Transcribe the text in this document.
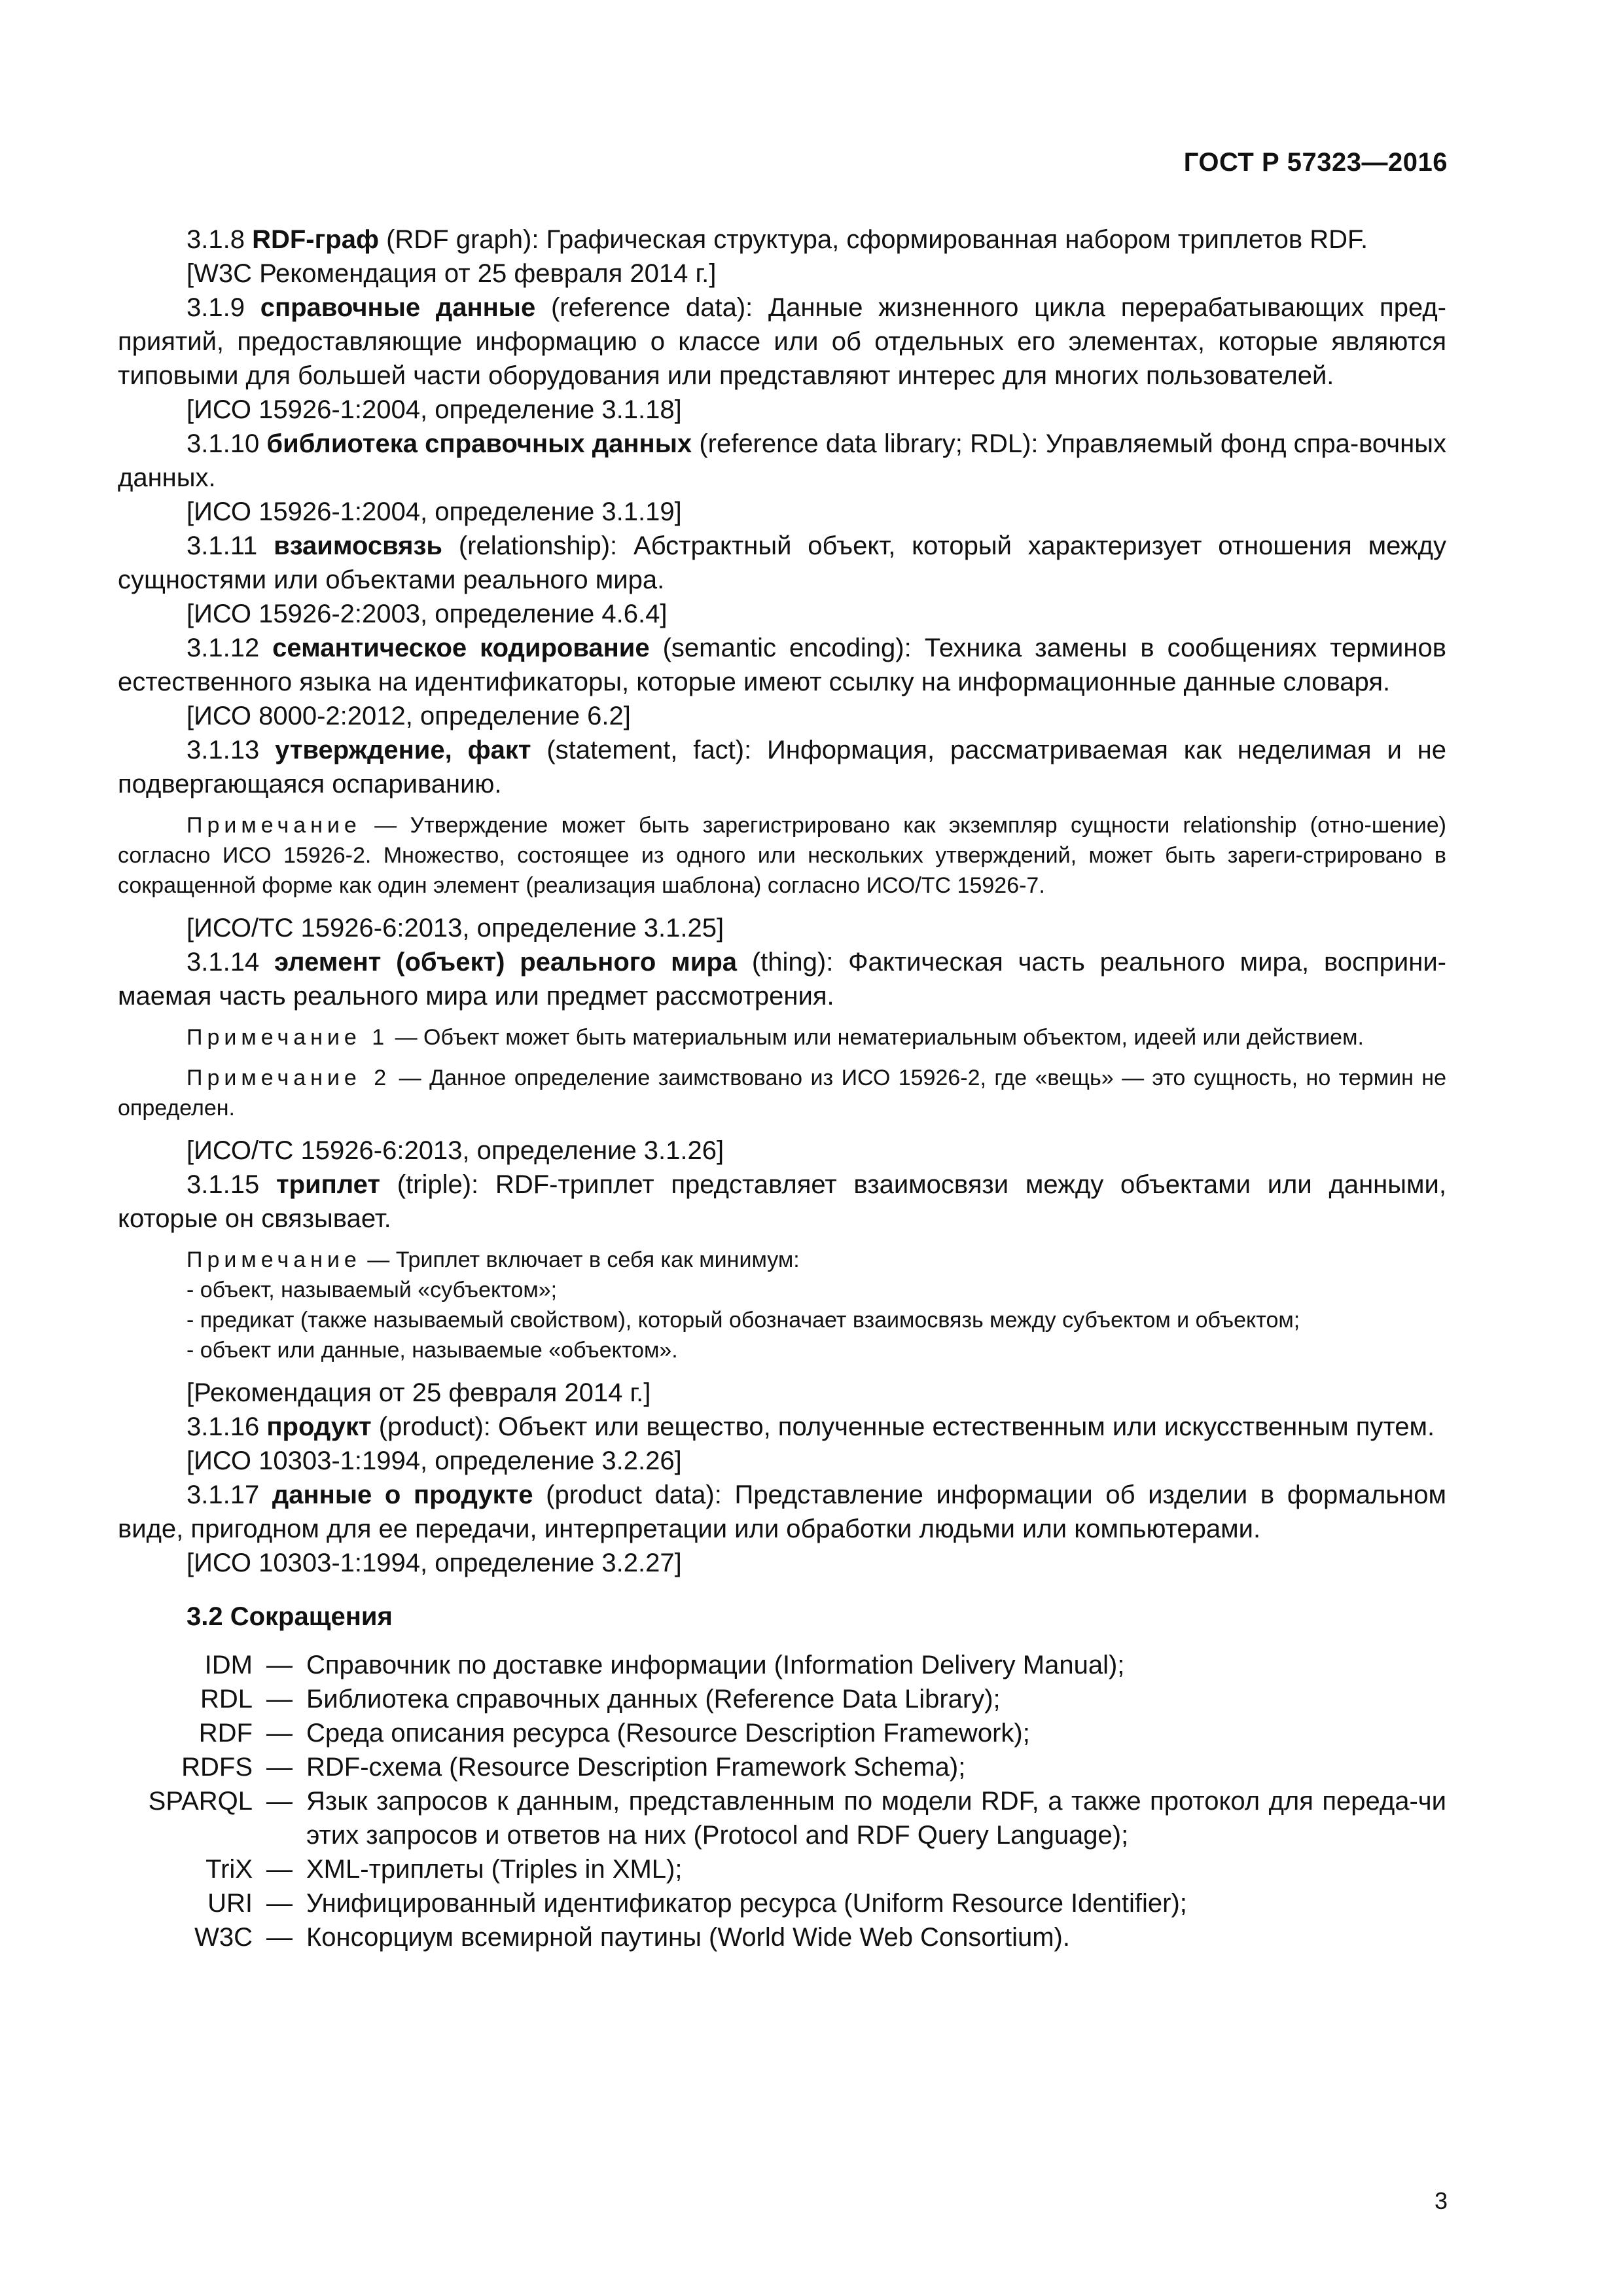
ГОСТ Р 57323—2016

3.1.8 RDF-граф (RDF graph): Графическая структура, сформированная набором триплетов RDF.

[W3C Рекомендация от 25 февраля 2014 г.]

3.1.9 справочные данные (reference data): Данные жизненного цикла перерабатывающих пред-приятий, предоставляющие информацию о классе или об отдельных его элементах, которые являются типовыми для большей части оборудования или представляют интерес для многих пользователей.

[ИСО 15926-1:2004, определение 3.1.18]

3.1.10 библиотека справочных данных (reference data library; RDL): Управляемый фонд спра-вочных данных.

[ИСО 15926-1:2004, определение 3.1.19]

3.1.11 взаимосвязь (relationship): Абстрактный объект, который характеризует отношения между сущностями или объектами реального мира.

[ИСО 15926-2:2003, определение 4.6.4]

3.1.12 семантическое кодирование (semantic encoding): Техника замены в сообщениях терминов естественного языка на идентификаторы, которые имеют ссылку на информационные данные словаря.

[ИСО 8000-2:2012, определение 6.2]

3.1.13 утверждение, факт (statement, fact): Информация, рассматриваемая как неделимая и не подвергающаяся оспариванию.

Примечание — Утверждение может быть зарегистрировано как экземпляр сущности relationship (отно-шение) согласно ИСО 15926-2. Множество, состоящее из одного или нескольких утверждений, может быть зареги-стрировано в сокращенной форме как один элемент (реализация шаблона) согласно ИСО/ТС 15926-7.

[ИСО/ТС 15926-6:2013, определение 3.1.25]

3.1.14 элемент (объект) реального мира (thing): Фактическая часть реального мира, восприни-маемая часть реального мира или предмет рассмотрения.

Примечание 1 — Объект может быть материальным или нематериальным объектом, идеей или действием.

Примечание 2 — Данное определение заимствовано из ИСО 15926-2, где «вещь» — это сущность, но термин не определен.

[ИСО/ТС 15926-6:2013, определение 3.1.26]

3.1.15 триплет (triple): RDF-триплет представляет взаимосвязи между объектами или данными, которые он связывает.

Примечание — Триплет включает в себя как минимум:

- объект, называемый «субъектом»;

- предикат (также называемый свойством), который обозначает взаимосвязь между субъектом и объектом;

- объект или данные, называемые «объектом».

[Рекомендация от 25 февраля 2014 г.]

3.1.16 продукт (product): Объект или вещество, полученные естественным или искусственным путем.

[ИСО 10303-1:1994, определение 3.2.26]

3.1.17 данные о продукте (product data): Представление информации об изделии в формальном виде, пригодном для ее передачи, интерпретации или обработки людьми или компьютерами.

[ИСО 10303-1:1994, определение 3.2.27]

3.2 Сокращения

IDM — Справочник по доставке информации (Information Delivery Manual);
RDL — Библиотека справочных данных (Reference Data Library);
RDF — Среда описания ресурса (Resource Description Framework);
RDFS — RDF-схема (Resource Description Framework Schema);
SPARQL — Язык запросов к данным, представленным по модели RDF, а также протокол для переда-чи этих запросов и ответов на них (Protocol and RDF Query Language);
TriX — XML-триплеты (Triples in XML);
URI — Унифицированный идентификатор ресурса (Uniform Resource Identifier);
W3C — Консорциум всемирной паутины (World Wide Web Consortium).
3
